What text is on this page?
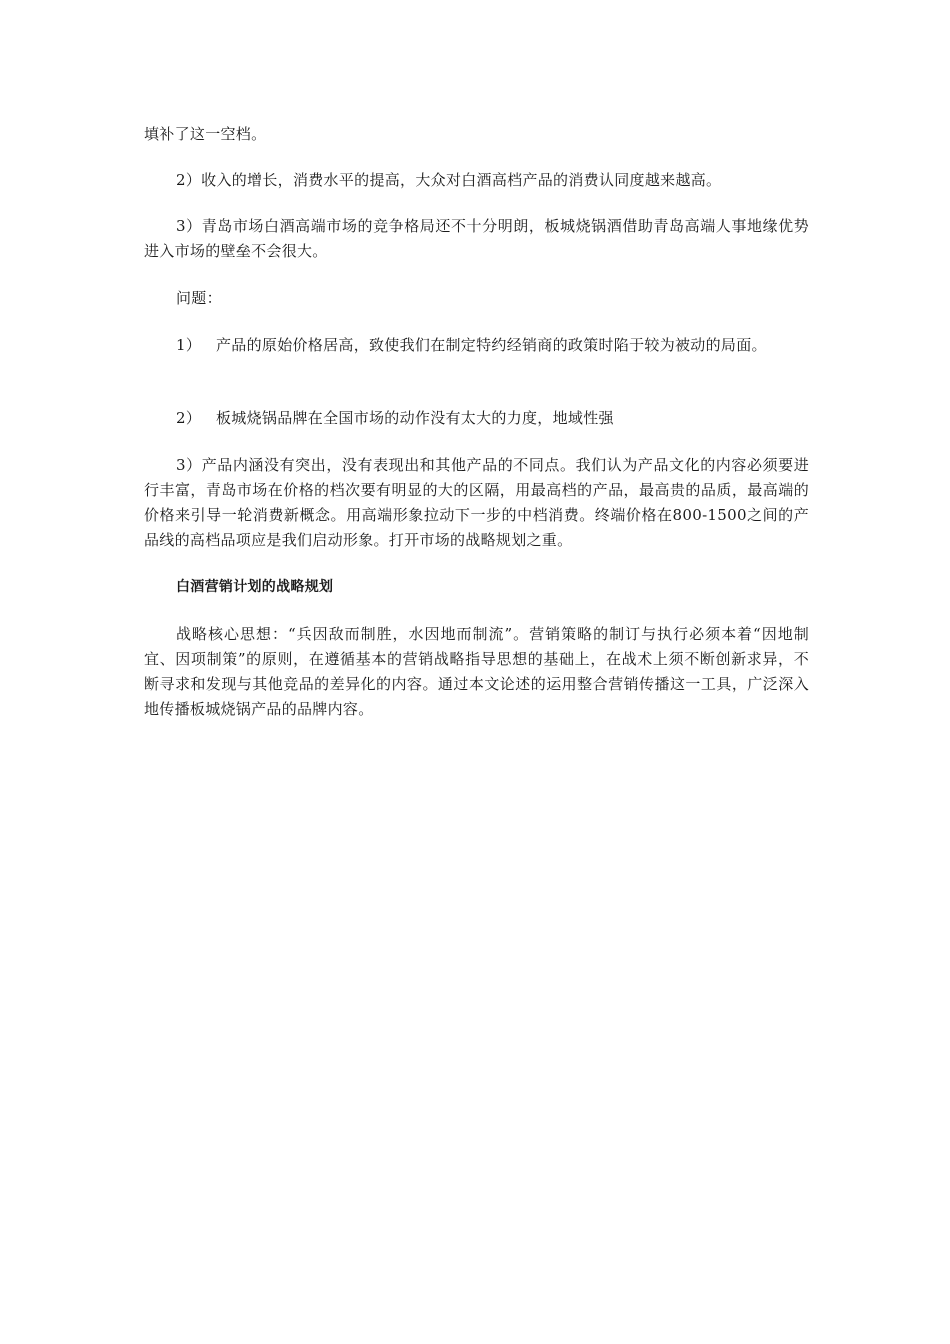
填补了这一空档。

2）收入的增长，消费水平的提高，大众对白酒高档产品的消费认同度越来越高。

3）青岛市场白酒高端市场的竞争格局还不十分明朗，板城烧锅酒借助青岛高端人事地缘优势进入市场的壁垒不会很大。

问题：

1） 产品的原始价格居高，致使我们在制定特约经销商的政策时陷于较为被动的局面。

2） 板城烧锅品牌在全国市场的动作没有太大的力度，地域性强

3）产品内涵没有突出，没有表现出和其他产品的不同点。我们认为产品文化的内容必须要进行丰富，青岛市场在价格的档次要有明显的大的区隔，用最高档的产品，最高贵的品质，最高端的价格来引导一轮消费新概念。用高端形象拉动下一步的中档消费。终端价格在800-1500之间的产品线的高档品项应是我们启动形象。打开市场的战略规划之重。

白酒营销计划的战略规划

战略核心思想：“兵因敌而制胜，水因地而制流”。营销策略的制订与执行必须本着“因地制宜、因项制策”的原则，在遵循基本的营销战略指导思想的基础上，在战术上须不断创新求异，不断寻求和发现与其他竞品的差异化的内容。通过本文论述的运用整合营销传播这一工具，广泛深入地传播板城烧锅产品的品牌内容。
